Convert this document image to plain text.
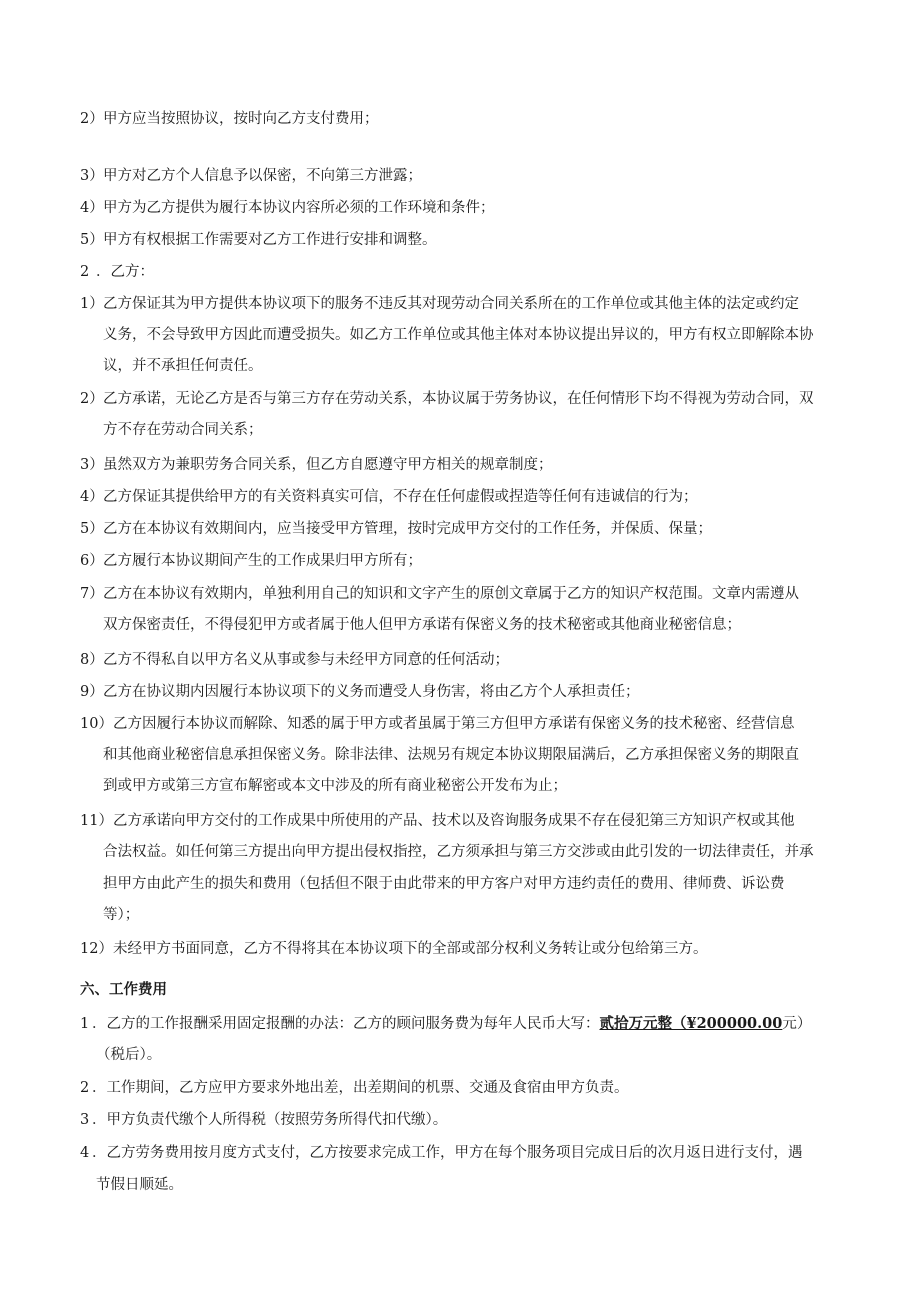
2） 甲方应当按照协议，按时向乙方支付费用；
3） 甲方对乙方个人信息予以保密，不向第三方泄露；
4） 甲方为乙方提供为履行本协议内容所必须的工作环境和条件；
5） 甲方有权根据工作需要对乙方工作进行安排和调整。
2 ．乙方：
1） 乙方保证其为甲方提供本协议项下的服务不违反其对现劳动合同关系所在的工作单位或其他主体的法定或约定
义务，不会导致甲方因此而遭受损失。如乙方工作单位或其他主体对本协议提出异议的，甲方有权立即解除本协
议，并不承担任何责任。
2） 乙方承诺，无论乙方是否与第三方存在劳动关系，本协议属于劳务协议，在任何情形下均不得视为劳动合同，双
方不存在劳动合同关系；
3） 虽然双方为兼职劳务合同关系，但乙方自愿遵守甲方相关的规章制度；
4） 乙方保证其提供给甲方的有关资料真实可信，不存在任何虚假或捏造等任何有违诚信的行为；
5） 乙方在本协议有效期间内，应当接受甲方管理，按时完成甲方交付的工作任务，并保质、保量；
6） 乙方履行本协议期间产生的工作成果归甲方所有；
7） 乙方在本协议有效期内，单独利用自己的知识和文字产生的原创文章属于乙方的知识产权范围。文章内需遵从
双方保密责任，不得侵犯甲方或者属于他人但甲方承诺有保密义务的技术秘密或其他商业秘密信息；
8） 乙方不得私自以甲方名义从事或参与未经甲方同意的任何活动；
9） 乙方在协议期内因履行本协议项下的义务而遭受人身伤害，将由乙方个人承担责任；
10） 乙方因履行本协议而解除、知悉的属于甲方或者虽属于第三方但甲方承诺有保密义务的技术秘密、经营信息
和其他商业秘密信息承担保密义务。除非法律、法规另有规定本协议期限届满后，乙方承担保密义务的期限直
到或甲方或第三方宣布解密或本文中涉及的所有商业秘密公开发布为止；
11） 乙方承诺向甲方交付的工作成果中所使用的产品、技术以及咨询服务成果不存在侵犯第三方知识产权或其他
合法权益。如任何第三方提出向甲方提出侵权指控，乙方须承担与第三方交涉或由此引发的一切法律责任，并承
担甲方由此产生的损失和费用（包括但不限于由此带来的甲方客户对甲方违约责任的费用、律师费、诉讼费
等）；
12） 未经甲方书面同意，乙方不得将其在本协议项下的全部或部分权利义务转让或分包给第三方。
六、工作费用
1 ．乙方的工作报酬采用固定报酬的办法：乙方的顾问服务费为每年人民币大写：贰拾万元整（¥200000.00元）
（税后）。
2 ．工作期间，乙方应甲方要求外地出差，出差期间的机票、交通及食宿由甲方负责。
3 ．甲方负责代缴个人所得税（按照劳务所得代扣代缴）。
4 ．乙方劳务费用按月度方式支付，乙方按要求完成工作，甲方在每个服务项目完成日后的次月返日进行支付，遇
节假日顺延。
